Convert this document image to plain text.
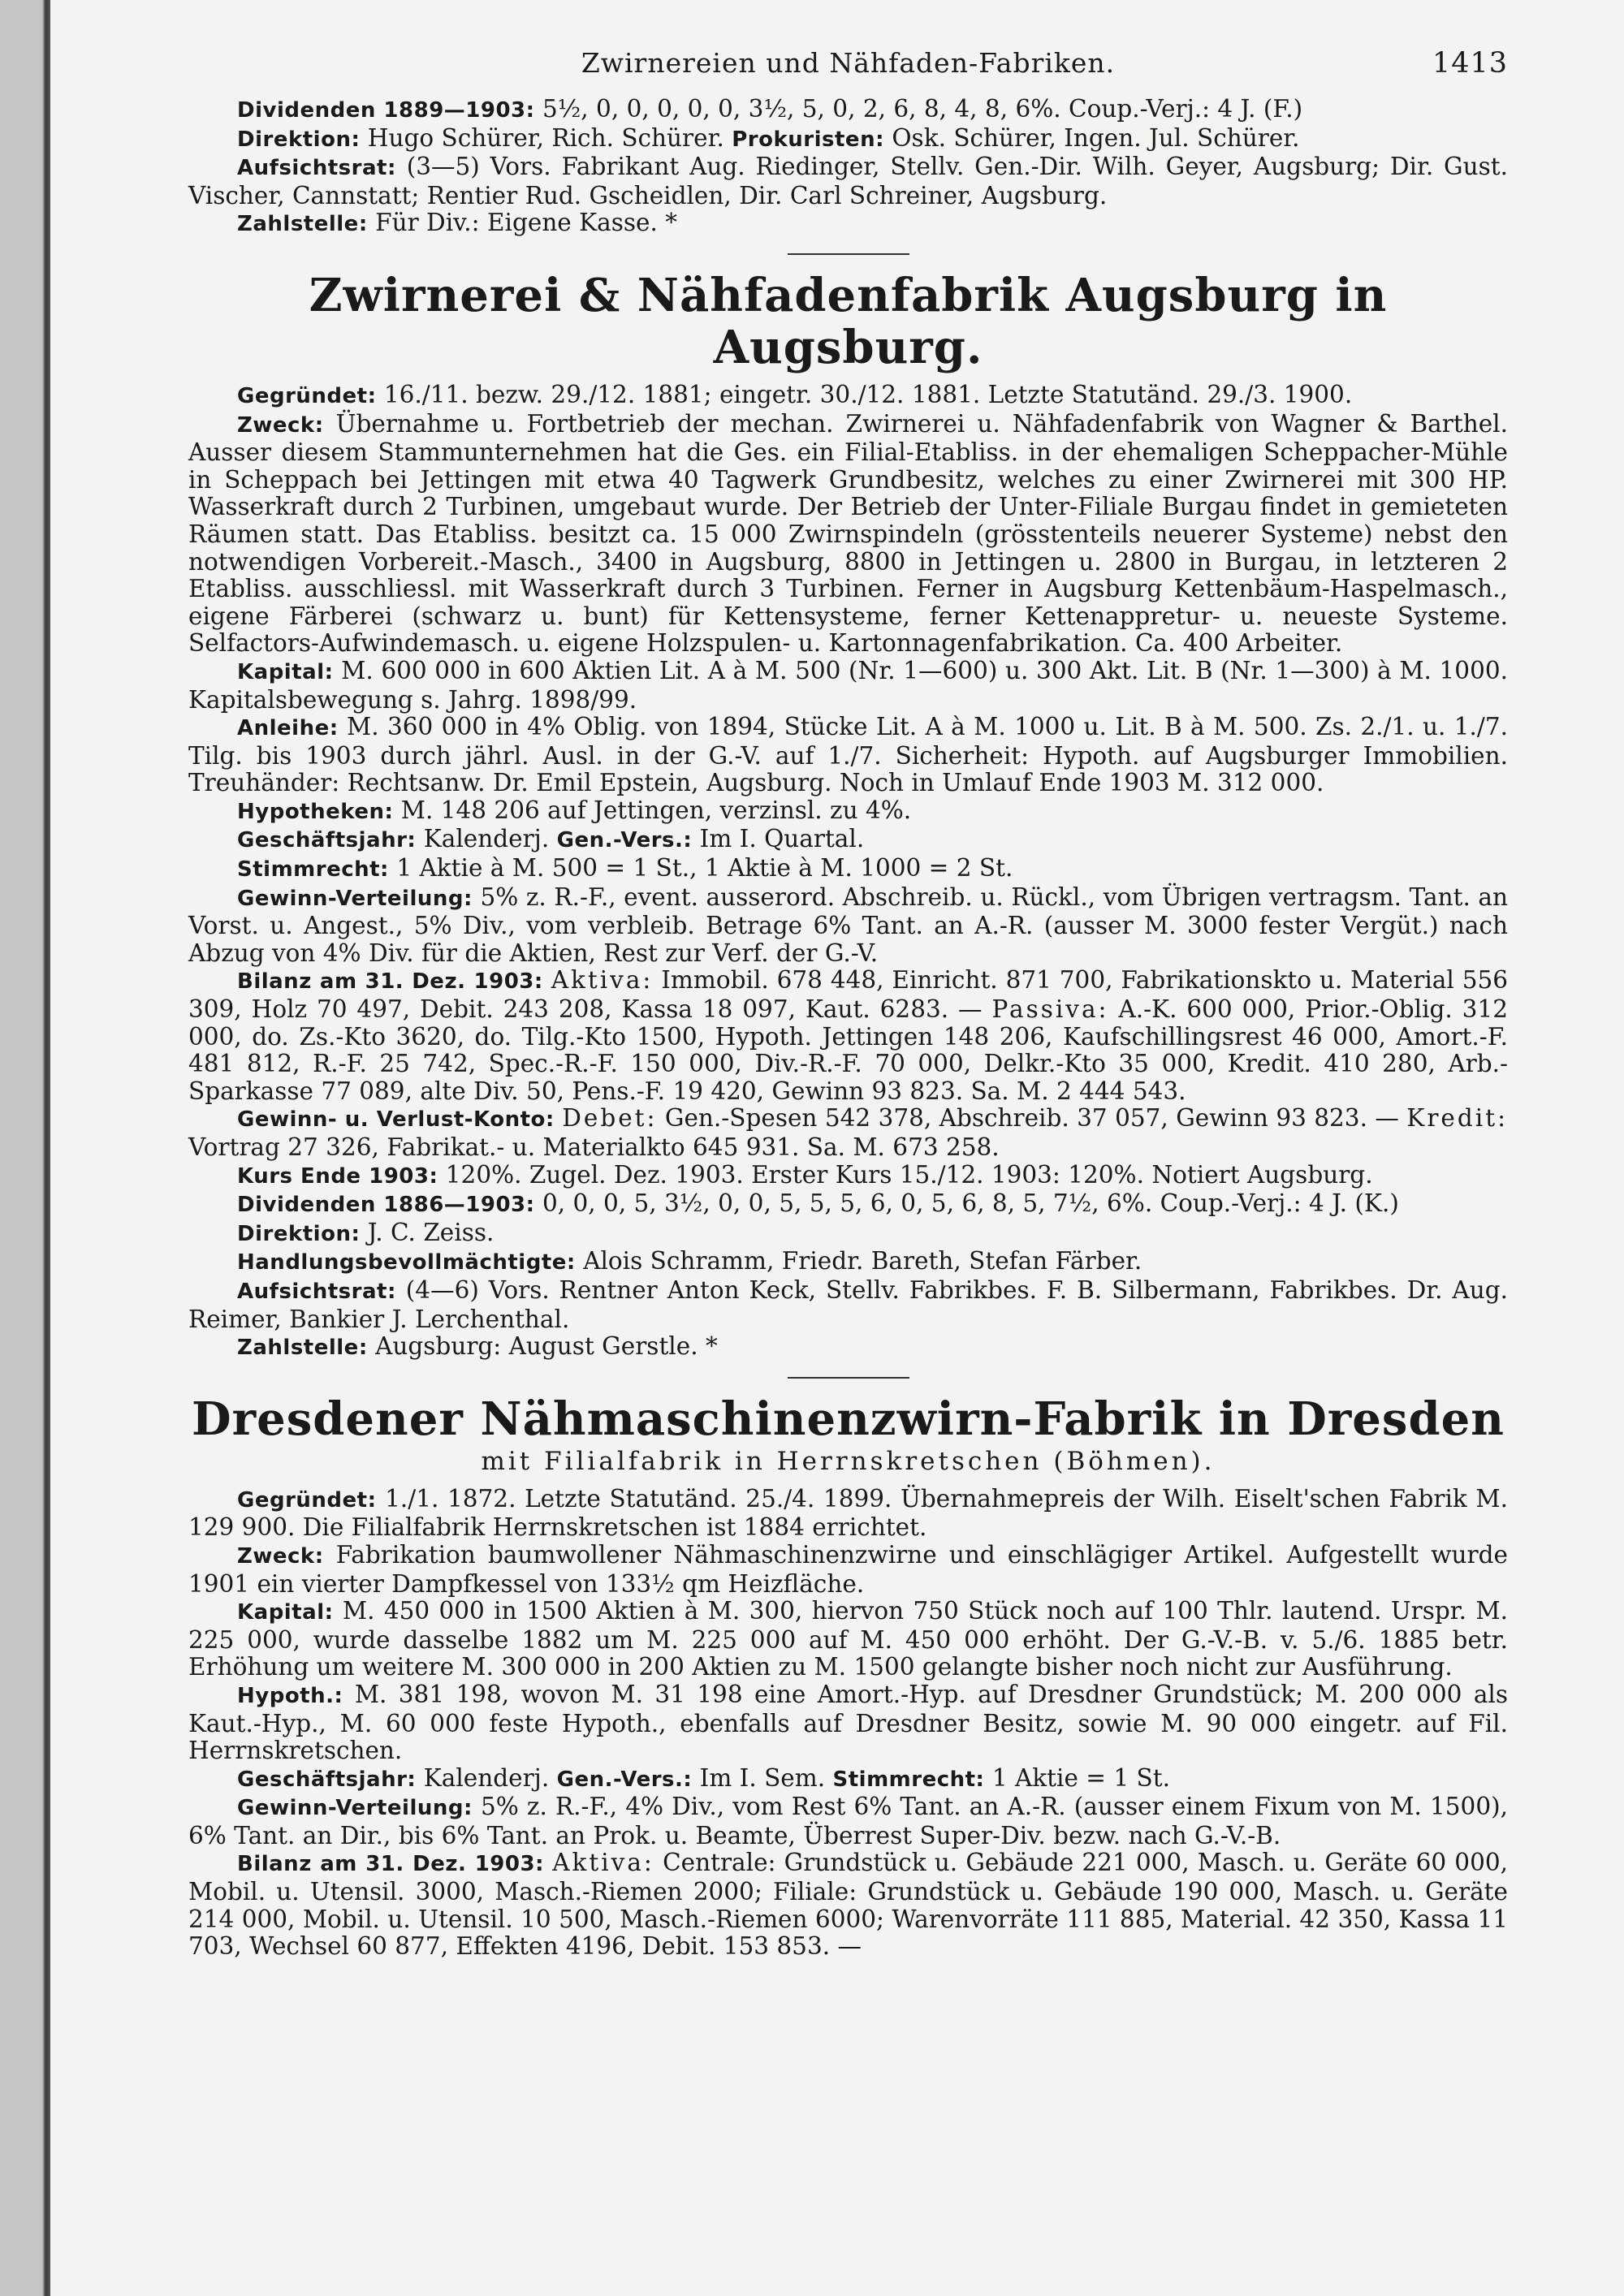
Zwirnereien und Nähfaden-Fabriken.	1413

Dividenden 1889—1903: 5½, 0, 0, 0, 0, 0, 3½, 5, 0, 2, 6, 8, 4, 8, 6%. Coup.-Verj.: 4 J. (F.)

Direktion: Hugo Schürer, Rich. Schürer. Prokuristen: Osk. Schürer, Ingen. Jul. Schürer.

Aufsichtsrat: (3—5) Vors. Fabrikant Aug. Riedinger, Stellv. Gen.-Dir. Wilh. Geyer, Augsburg; Dir. Gust. Vischer, Cannstatt; Rentier Rud. Gscheidlen, Dir. Carl Schreiner, Augsburg.

Zahlstelle: Für Div.: Eigene Kasse. *

Zwirnerei & Nähfadenfabrik Augsburg in Augsburg.

Gegründet: 16./11. bezw. 29./12. 1881; eingetr. 30./12. 1881. Letzte Statutänd. 29./3. 1900.

Zweck: Übernahme u. Fortbetrieb der mechan. Zwirnerei u. Nähfadenfabrik von Wagner & Barthel. Ausser diesem Stammunternehmen hat die Ges. ein Filial-Etabliss. in der ehemaligen Scheppacher-Mühle in Scheppach bei Jettingen mit etwa 40 Tagwerk Grundbesitz, welches zu einer Zwirnerei mit 300 HP. Wasserkraft durch 2 Turbinen, umgebaut wurde. Der Betrieb der Unter-Filiale Burgau findet in gemieteten Räumen statt. Das Etabliss. besitzt ca. 15 000 Zwirnspindeln (grösstenteils neuerer Systeme) nebst den notwendigen Vorbereit.-Masch., 3400 in Augsburg, 8800 in Jettingen u. 2800 in Burgau, in letzteren 2 Etabliss. ausschliessl. mit Wasserkraft durch 3 Turbinen. Ferner in Augsburg Kettenbäum-Haspelmasch., eigene Färberei (schwarz u. bunt) für Kettensysteme, ferner Kettenappretur- u. neueste Systeme. Selfactors-Aufwindemasch. u. eigene Holzspulen- u. Kartonnagenfabrikation. Ca. 400 Arbeiter.

Kapital: M. 600 000 in 600 Aktien Lit. A à M. 500 (Nr. 1—600) u. 300 Akt. Lit. B (Nr. 1—300) à M. 1000. Kapitalsbewegung s. Jahrg. 1898/99.

Anleihe: M. 360 000 in 4% Oblig. von 1894, Stücke Lit. A à M. 1000 u. Lit. B à M. 500. Zs. 2./1. u. 1./7. Tilg. bis 1903 durch jährl. Ausl. in der G.-V. auf 1./7. Sicherheit: Hypoth. auf Augsburger Immobilien. Treuhänder: Rechtsanw. Dr. Emil Epstein, Augsburg. Noch in Umlauf Ende 1903 M. 312 000.

Hypotheken: M. 148 206 auf Jettingen, verzinsl. zu 4%.

Geschäftsjahr: Kalenderj. Gen.-Vers.: Im I. Quartal.

Stimmrecht: 1 Aktie à M. 500 = 1 St., 1 Aktie à M. 1000 = 2 St.

Gewinn-Verteilung: 5% z. R.-F., event. ausserord. Abschreib. u. Rückl., vom Übrigen vertragsm. Tant. an Vorst. u. Angest., 5% Div., vom verbleib. Betrage 6% Tant. an A.-R. (ausser M. 3000 fester Vergüt.) nach Abzug von 4% Div. für die Aktien, Rest zur Verf. der G.-V.

Bilanz am 31. Dez. 1903: Aktiva: Immobil. 678 448, Einricht. 871 700, Fabrikationskto u. Material 556 309, Holz 70 497, Debit. 243 208, Kassa 18 097, Kaut. 6283. — Passiva: A.-K. 600 000, Prior.-Oblig. 312 000, do. Zs.-Kto 3620, do. Tilg.-Kto 1500, Hypoth. Jettingen 148 206, Kaufschillingsrest 46 000, Amort.-F. 481 812, R.-F. 25 742, Spec.-R.-F. 150 000, Div.-R.-F. 70 000, Delkr.-Kto 35 000, Kredit. 410 280, Arb.-Sparkasse 77 089, alte Div. 50, Pens.-F. 19 420, Gewinn 93 823. Sa. M. 2 444 543.

Gewinn- u. Verlust-Konto: Debet: Gen.-Spesen 542 378, Abschreib. 37 057, Gewinn 93 823. — Kredit: Vortrag 27 326, Fabrikat.- u. Materialkto 645 931. Sa. M. 673 258.

Kurs Ende 1903: 120%. Zugel. Dez. 1903. Erster Kurs 15./12. 1903: 120%. Notiert Augsburg.

Dividenden 1886—1903: 0, 0, 0, 5, 3½, 0, 0, 5, 5, 5, 6, 0, 5, 6, 8, 5, 7½, 6%. Coup.-Verj.: 4 J. (K.)

Direktion: J. C. Zeiss.

Handlungsbevollmächtigte: Alois Schramm, Friedr. Bareth, Stefan Färber.

Aufsichtsrat: (4—6) Vors. Rentner Anton Keck, Stellv. Fabrikbes. F. B. Silbermann, Fabrikbes. Dr. Aug. Reimer, Bankier J. Lerchenthal.

Zahlstelle: Augsburg: August Gerstle. *

Dresdener Nähmaschinenzwirn-Fabrik in Dresden
mit Filialfabrik in Herrnskretschen (Böhmen).

Gegründet: 1./1. 1872. Letzte Statutänd. 25./4. 1899. Übernahmepreis der Wilh. Eiselt'schen Fabrik M. 129 900. Die Filialfabrik Herrnskretschen ist 1884 errichtet.

Zweck: Fabrikation baumwollener Nähmaschinenzwirne und einschlägiger Artikel. Aufgestellt wurde 1901 ein vierter Dampfkessel von 133½ qm Heizfläche.

Kapital: M. 450 000 in 1500 Aktien à M. 300, hiervon 750 Stück noch auf 100 Thlr. lautend. Urspr. M. 225 000, wurde dasselbe 1882 um M. 225 000 auf M. 450 000 erhöht. Der G.-V.-B. v. 5./6. 1885 betr. Erhöhung um weitere M. 300 000 in 200 Aktien zu M. 1500 gelangte bisher noch nicht zur Ausführung.

Hypoth.: M. 381 198, wovon M. 31 198 eine Amort.-Hyp. auf Dresdner Grundstück; M. 200 000 als Kaut.-Hyp., M. 60 000 feste Hypoth., ebenfalls auf Dresdner Besitz, sowie M. 90 000 eingetr. auf Fil. Herrnskretschen.

Geschäftsjahr: Kalenderj. Gen.-Vers.: Im I. Sem. Stimmrecht: 1 Aktie = 1 St.

Gewinn-Verteilung: 5% z. R.-F., 4% Div., vom Rest 6% Tant. an A.-R. (ausser einem Fixum von M. 1500), 6% Tant. an Dir., bis 6% Tant. an Prok. u. Beamte, Überrest Super-Div. bezw. nach G.-V.-B.

Bilanz am 31. Dez. 1903: Aktiva: Centrale: Grundstück u. Gebäude 221 000, Masch. u. Geräte 60 000, Mobil. u. Utensil. 3000, Masch.-Riemen 2000; Filiale: Grundstück u. Gebäude 190 000, Masch. u. Geräte 214 000, Mobil. u. Utensil. 10 500, Masch.-Riemen 6000; Warenvorräte 111 885, Material. 42 350, Kassa 11 703, Wechsel 60 877, Effekten 4196, Debit. 153 853. —
